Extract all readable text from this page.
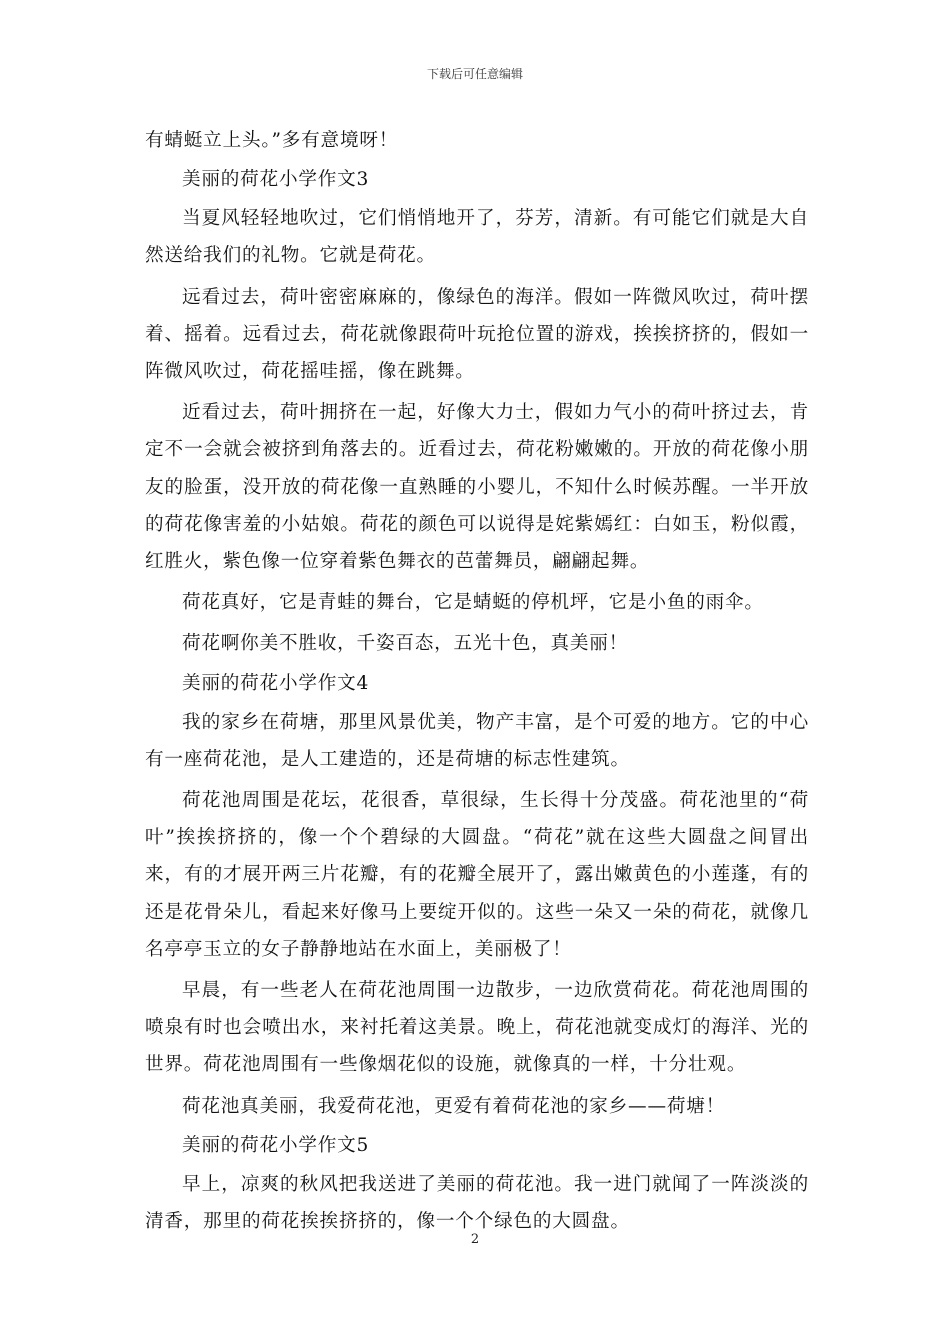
下载后可任意编辑

有蜻蜓立上头。”多有意境呀！

美丽的荷花小学作文3

当夏风轻轻地吹过，它们悄悄地开了，芬芳，清新。有可能它们就是大自然送给我们的礼物。它就是荷花。

远看过去，荷叶密密麻麻的，像绿色的海洋。假如一阵微风吹过，荷叶摆着、摇着。远看过去，荷花就像跟荷叶玩抢位置的游戏，挨挨挤挤的，假如一阵微风吹过，荷花摇哇摇，像在跳舞。

近看过去，荷叶拥挤在一起，好像大力士，假如力气小的荷叶挤过去，肯定不一会就会被挤到角落去的。近看过去，荷花粉嫩嫩的。开放的荷花像小朋友的脸蛋，没开放的荷花像一直熟睡的小婴儿，不知什么时候苏醒。一半开放的荷花像害羞的小姑娘。荷花的颜色可以说得是姹紫嫣红：白如玉，粉似霞，红胜火，紫色像一位穿着紫色舞衣的芭蕾舞员，翩翩起舞。

荷花真好，它是青蛙的舞台，它是蜻蜓的停机坪，它是小鱼的雨伞。

荷花啊你美不胜收，千姿百态，五光十色，真美丽！

美丽的荷花小学作文4

我的家乡在荷塘，那里风景优美，物产丰富，是个可爱的地方。它的中心有一座荷花池，是人工建造的，还是荷塘的标志性建筑。

荷花池周围是花坛，花很香，草很绿，生长得十分茂盛。荷花池里的“荷叶”挨挨挤挤的，像一个个碧绿的大圆盘。“荷花”就在这些大圆盘之间冒出来，有的才展开两三片花瓣，有的花瓣全展开了，露出嫩黄色的小莲蓬，有的还是花骨朵儿，看起来好像马上要绽开似的。这些一朵又一朵的荷花，就像几名亭亭玉立的女子静静地站在水面上，美丽极了！

早晨，有一些老人在荷花池周围一边散步，一边欣赏荷花。荷花池周围的喷泉有时也会喷出水，来衬托着这美景。晚上，荷花池就变成灯的海洋、光的世界。荷花池周围有一些像烟花似的设施，就像真的一样，十分壮观。

荷花池真美丽，我爱荷花池，更爱有着荷花池的家乡——荷塘！

美丽的荷花小学作文5

早上，凉爽的秋风把我送进了美丽的荷花池。我一进门就闻了一阵淡淡的清香，那里的荷花挨挨挤挤的，像一个个绿色的大圆盘。

2
